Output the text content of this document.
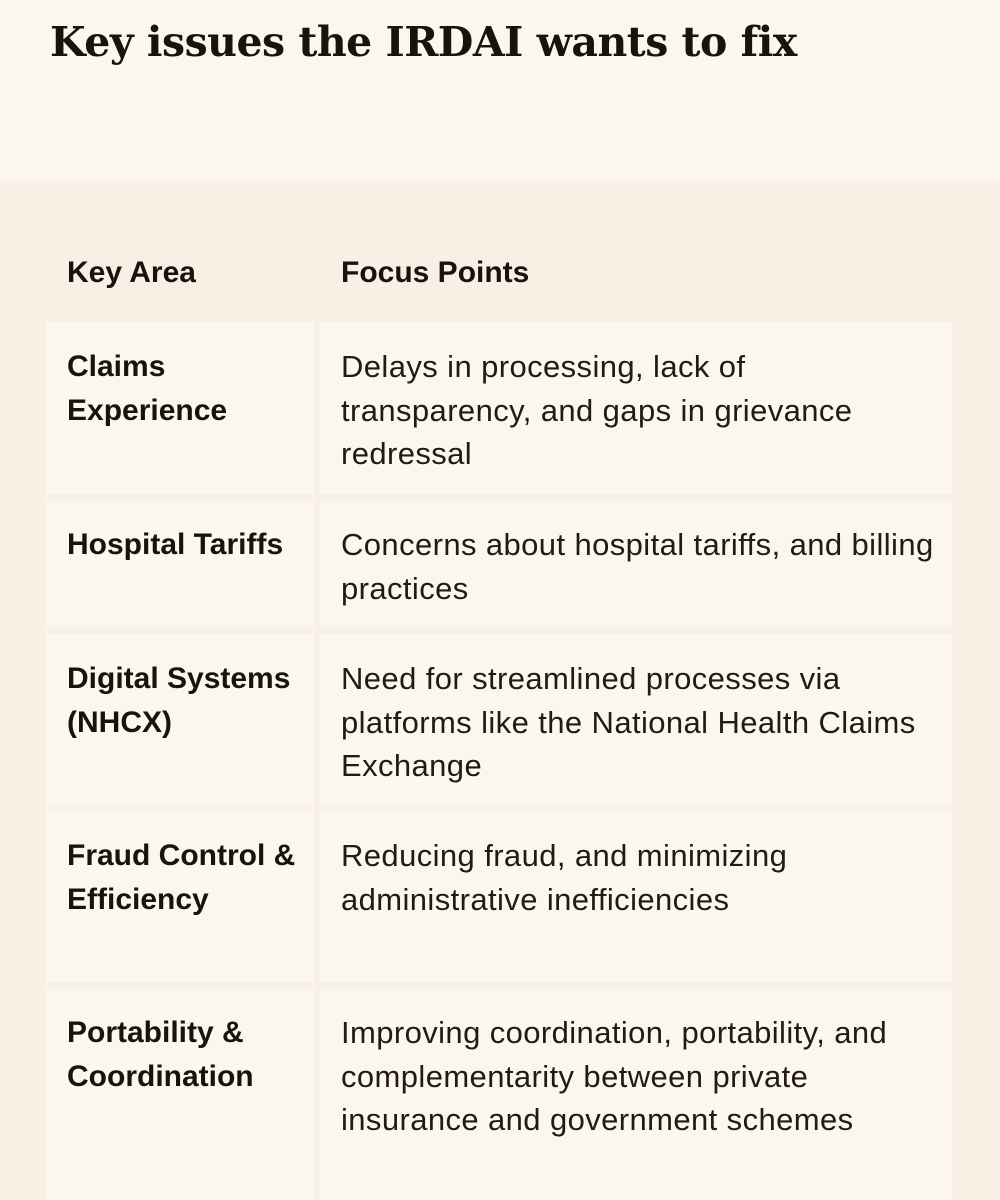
Key issues the IRDAI wants to fix
Key Area	Focus Points
Claims Experience
Delays in processing, lack of transparency, and gaps in grievance redressal
Hospital Tariffs	Concerns about hospital tariffs, and billing practices
Digital Systems (NHCX)
Need for streamlined processes via platforms like the National Health Claims Exchange
Fraud Control & Efficiency
Reducing fraud, and minimizing administrative inefficiencies
Portability & Coordination
Improving coordination, portability, and complementarity between private insurance and government schemes
